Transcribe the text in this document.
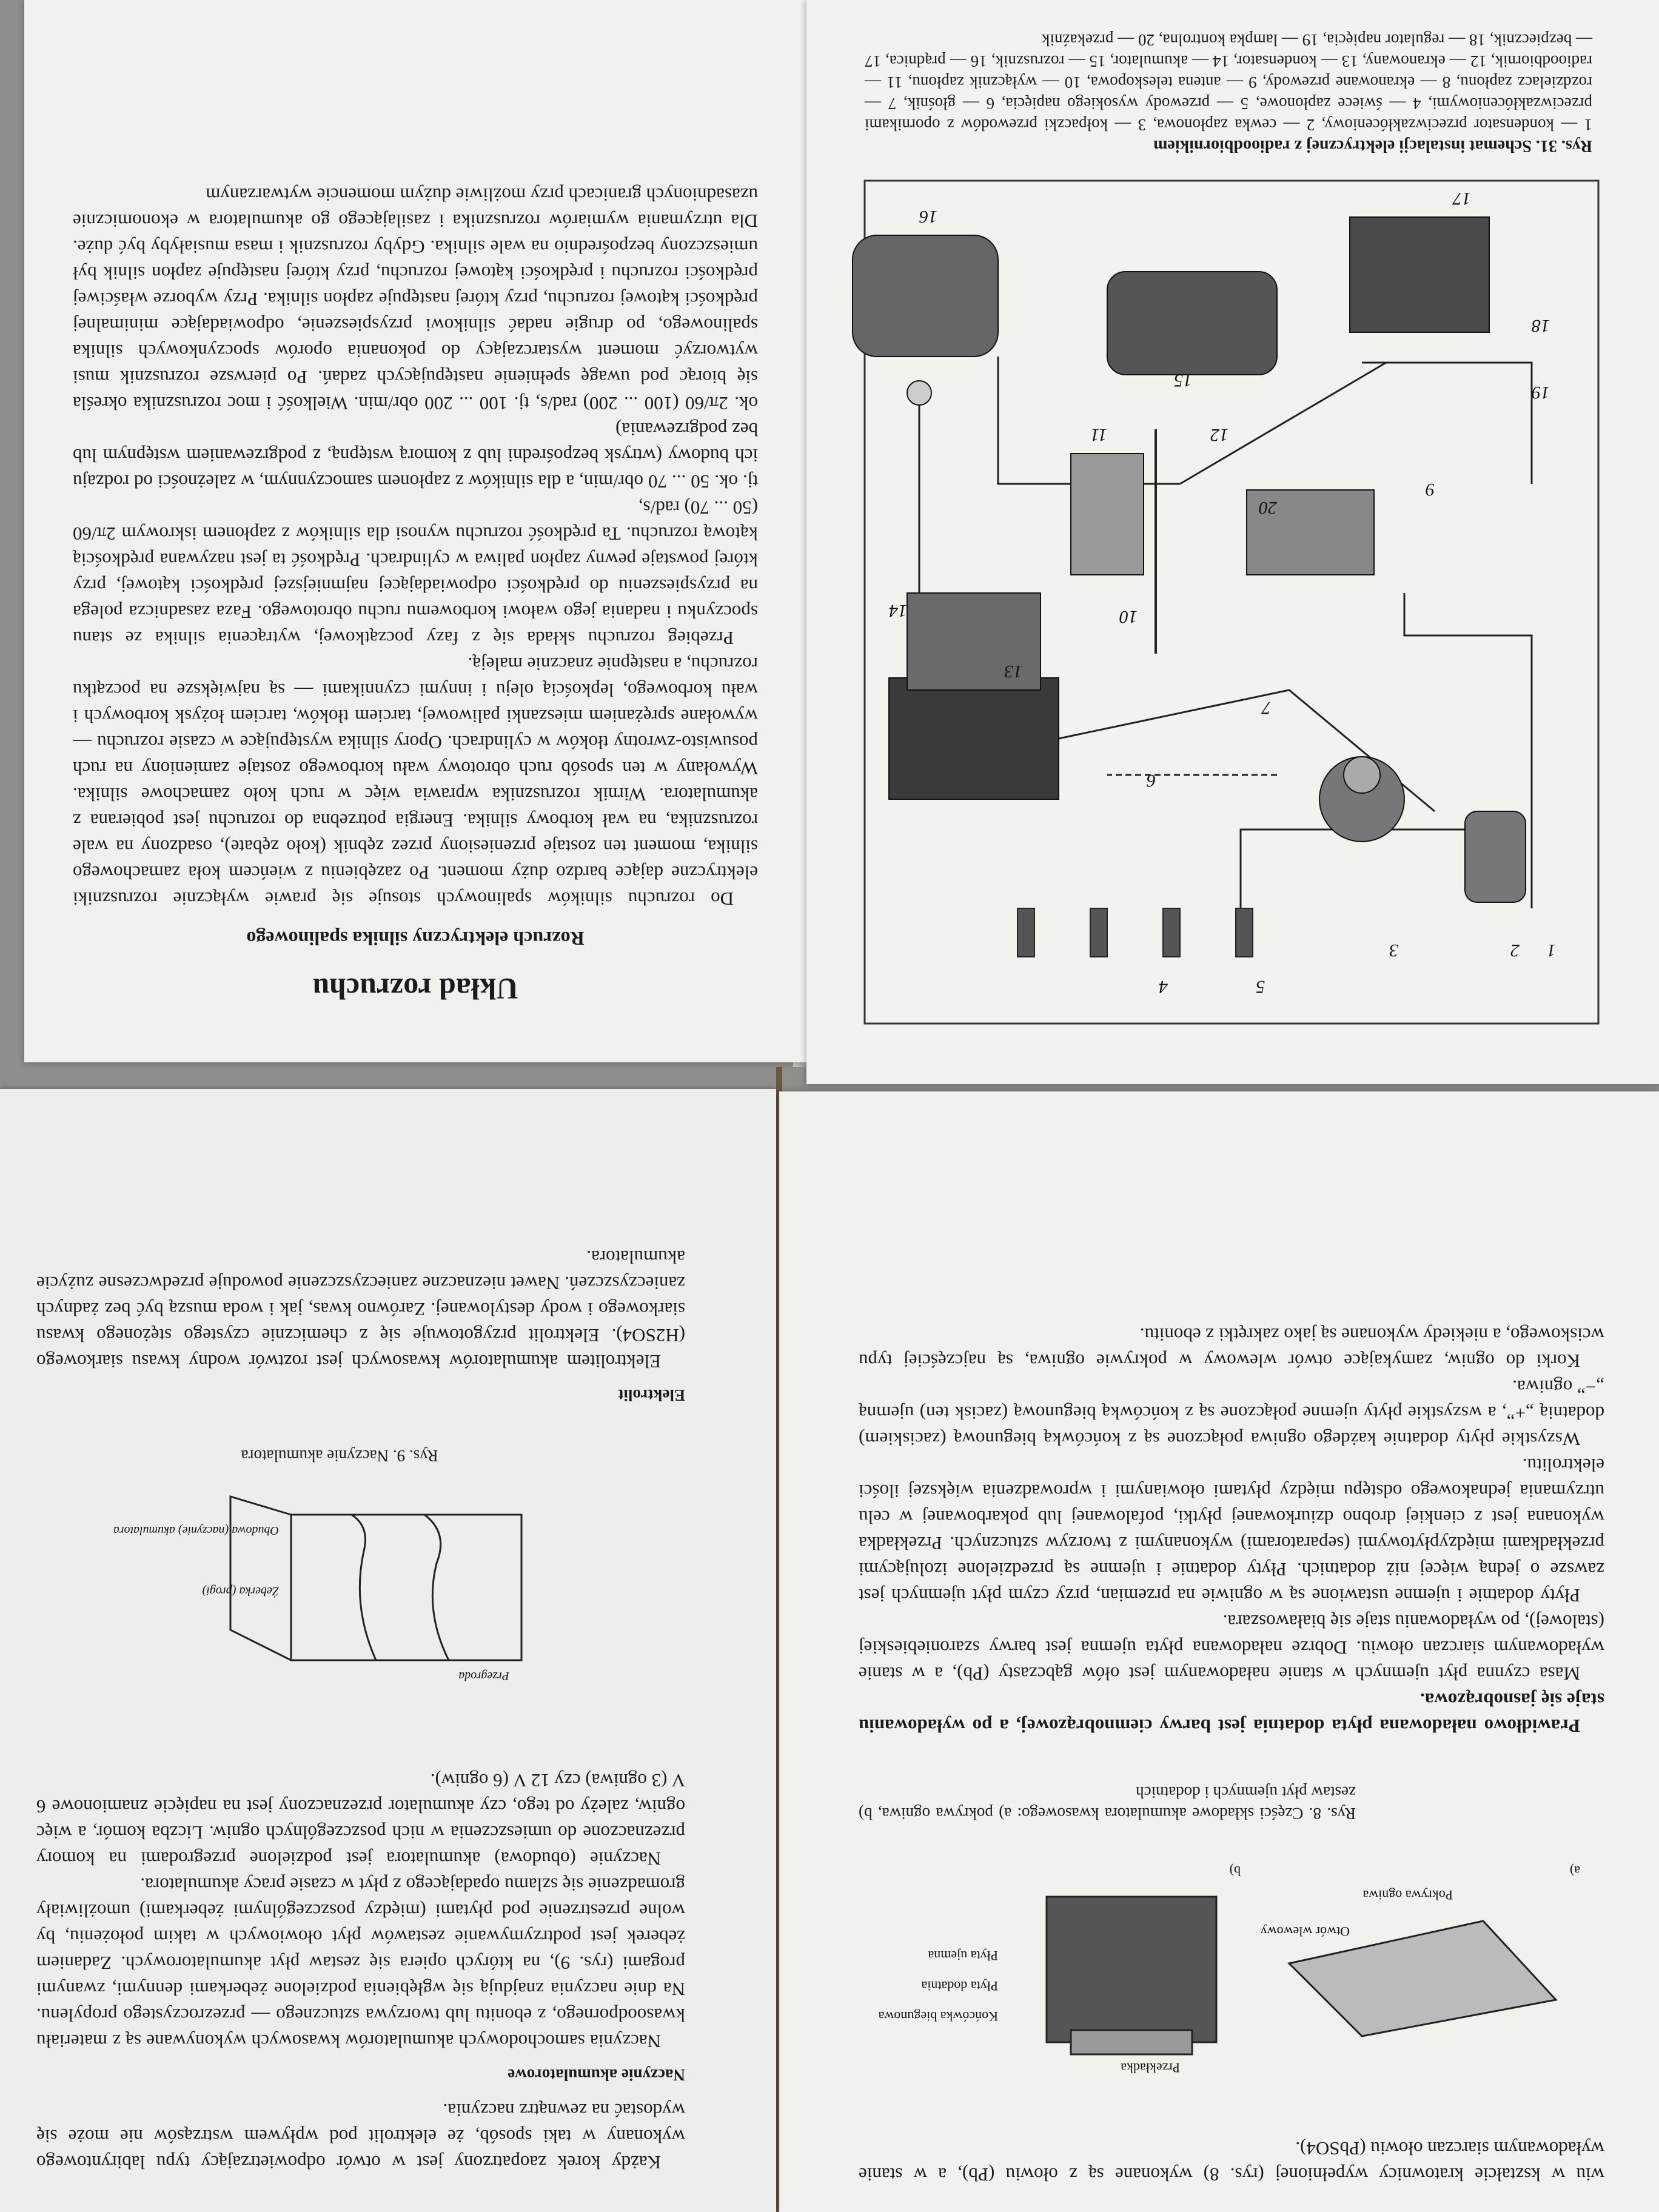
Układ rozruchu
Rozruch elektryczny silnika spalinowego

Do rozruchu silników spalinowych stosuje się prawie wyłącznie rozruszniki elektryczne dające bardzo duży moment. Po zazębieniu z wieńcem koła zamachowego silnika, moment ten zostaje przeniesiony przez zębnik (koło zębate), osadzony na wale rozrusznika, na wał korbowy silnika. Energia potrzebna do rozruchu jest pobierana z akumulatora. Wirnik rozrusznika wprawia więc w ruch koło zamachowe silnika. Wywołany w ten sposób ruch obrotowy wału korbowego zostaje zamieniony na ruch posuwisto-zwrotny tłoków w cylindrach. Opory silnika występujące w czasie rozruchu — wywołane sprężaniem mieszanki paliwowej, tarciem tłoków, tarciem łożysk korbowych i wału korbowego, lepkością oleju i innymi czynnikami — są największe na początku rozruchu, a następnie znacznie maleją.

Przebieg rozruchu składa się z fazy początkowej, wytrącenia silnika ze stanu spoczynku i nadania jego wałowi korbowemu ruchu obrotowego. Faza zasadnicza polega na przyspieszeniu do prędkości odpowiadającej najmniejszej prędkości kątowej, przy której powstaje pewny zapłon paliwa w cylindrach. Prędkość ta jest nazywana prędkością kątową rozruchu. Ta prędkość rozruchu wynosi dla silników z zapłonem iskrowym 2π/60 (50 ... 70) rad/s,

tj. ok. 50 ... 70 obr/min, a dla silników z zapłonem samoczynnym, w zależności od rodzaju ich budowy (wtrysk bezpośredni lub z komorą wstępną, z podgrzewaniem wstępnym lub bez podgrzewania)

ok. 2π/60 (100 ... 200) rad/s, tj. 100 ... 200 obr/min. Wielkość i moc rozrusznika określa się biorąc pod uwagę spełnienie następujących zadań. Po pierwsze rozrusznik musi wytworzyć moment wystarczający do pokonania oporów spoczynkowych silnika spalinowego, po drugie nadać silnikowi przyspieszenie, odpowiadające minimalnej prędkości kątowej rozruchu, przy której następuje zapłon silnika. Przy wyborze właściwej prędkości rozruchu i prędkości kątowej rozruchu, przy której następuje zapłon silnik był umieszczony bezpośrednio na wale silnika. Gdyby rozrusznik i masa musiałyby być duże. Dla utrzymania wymiarów rozrusznika i zasilającego go akumulatora w ekonomicznie uzasadnionych granicach przy możliwie dużym momencie wytwarzanym

1
2
3
4	5
6
7
9
10
11	12
13
14
15
16
17
18
19
20
Rys. 31. Schemat instalacji elektrycznej z radioodbiornikiem

1 — kondensator przeciwzakłóceniowy, 2 — cewka zapłonowa, 3 — kołpaczki przewodów z opornikami przeciwzakłóceniowymi, 4 — świece zapłonowe, 5 — przewody wysokiego napięcia, 6 — głośnik, 7 — rozdzielacz zapłonu, 8 — ekranowane przewody, 9 — antena teleskopowa, 10 — wyłącznik zapłonu, 11 — radioodbiornik, 12 — ekranowany, 13 — kondensator, 14 — akumulator, 15 — rozrusznik, 16 — prądnica, 17 — bezpiecznik, 18 — regulator napięcia, 19 — lampka kontrolna, 20 — przekaźnik

wiu w kształcie kratownicy wypełnionej (rys. 8) wykonane są z ołowiu (Pb), a w stanie wyładowanym siarczan ołowiu (PbSO4).

a)
b)
Pokrywa ogniwa
Otwór wlewowy
Końcówka biegunowa
Płyta dodatnia
Płyta ujemna
Przekładka

Rys. 8. Części składowe akumulatora kwasowego: a) pokrywa ogniwa, b) zestaw płyt ujemnych i dodatnich

Prawidłowo naładowana płyta dodatnia jest barwy ciemnobrązowej, a po wyładowaniu staje się jasnobrązowa.

Masa czynna płyt ujemnych w stanie naładowanym jest ołów gąbczasty (Pb), a w stanie wyładowanym siarczan ołowiu. Dobrze naładowana płyta ujemna jest barwy szaroniebieskiej (stalowej), po wyładowaniu staje się białawoszara.

Płyty dodatnie i ujemne ustawione są w ogniwie na przemian, przy czym płyt ujemnych jest zawsze o jedną więcej niż dodatnich. Płyty dodatnie i ujemne są przedzielone izolującymi przekładkami międzypłytowymi (separatorami) wykonanymi z tworzyw sztucznych. Przekładka wykonana jest z cienkiej drobno dziurkowanej płytki, pofalowanej lub pokarbowanej w celu utrzymania jednakowego odstępu między płytami ołowianymi i wprowadzenia większej ilości elektrolitu.

Wszystkie płyty dodatnie każdego ogniwa połączone są z końcówką biegunową (zaciskiem) dodatnią „+”, a wszystkie płyty ujemne połączone są z końcówką biegunową (zacisk ten) ujemną „−” ogniwa.

Korki do ogniw, zamykające otwór wlewowy w pokrywie ogniwa, są najczęściej typu wciskowego, a niekiedy wykonane są jako zakrętki z ebonitu.

Każdy korek zaopatrzony jest w otwór odpowietrzający typu labiryntowego wykonany w taki sposób, że elektrolit pod wpływem wstrząsów nie może się wydostać na zewnątrz naczynia.

Naczynie akumulatorowe

Naczynia samochodowych akumulatorów kwasowych wykonywane są z materiału kwasoodpornego, z ebonitu lub tworzywa sztucznego — przezroczystego propylenu. Na dnie naczynia znajdują się wgłębienia podzielone żeberkami dennymi, zwanymi progami (rys. 9), na których opiera się zestaw płyt akumulatorowych. Zadaniem żeberek jest podtrzymywanie zestawów płyt ołowiowych w takim położeniu, by wolne przestrzenie pod płytami (między poszczególnymi żeberkami) umożliwiały gromadzenie się szlamu opadającego z płyt w czasie pracy akumulatora.

Naczynie (obudowa) akumulatora jest podzielone przegrodami na komory przeznaczone do umieszczenia w nich poszczególnych ogniw. Liczba komór, a więc ogniw, zależy od tego, czy akumulator przeznaczony jest na napięcie znamionowe 6 V (3 ogniwa) czy 12 V (6 ogniw).

Przegroda
Żeberka (progi)
Obudowa (naczynie) akumulatora

Rys. 9. Naczynie akumulatora

Elektrolit

Elektrolitem akumulatorów kwasowych jest roztwór wodny kwasu siarkowego (H2SO4). Elektrolit przygotowuje się z chemicznie czystego stężonego kwasu siarkowego i wody destylowanej. Zarówno kwas, jak i woda muszą być bez żadnych zanieczyszczeń. Nawet nieznaczne zanieczyszczenie powoduje przedwczesne zużycie akumulatora.
